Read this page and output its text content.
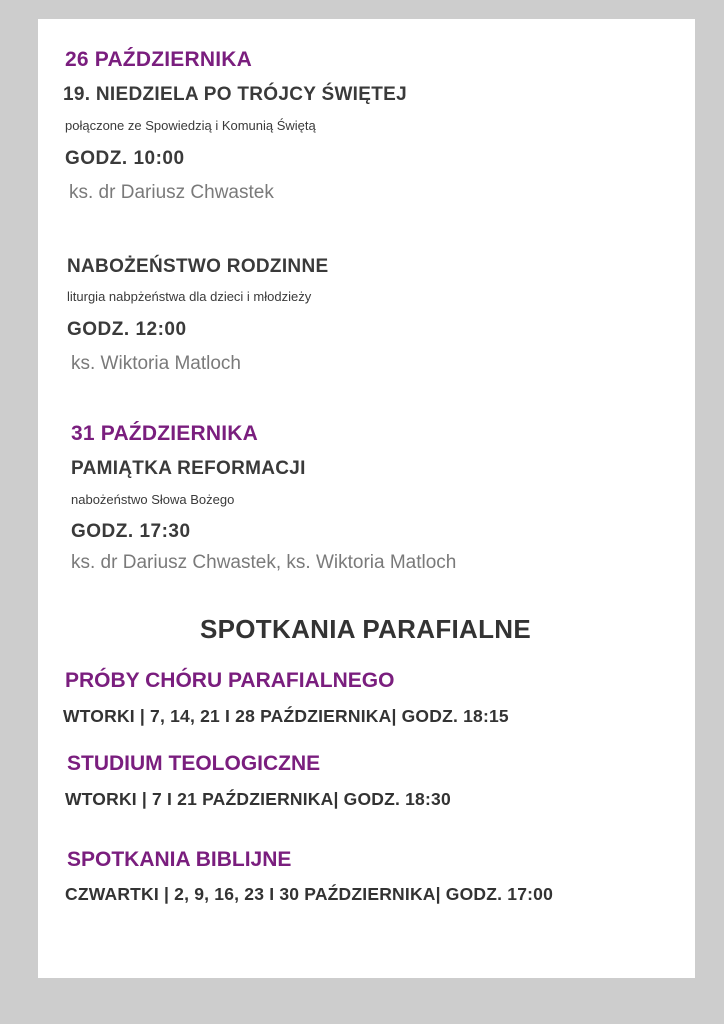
26 PAŹDZIERNIKA
19. NIEDZIELA PO TRÓJCY ŚWIĘTEJ
połączone ze Spowiedzią i Komunią Świętą
GODZ. 10:00
ks. dr Dariusz Chwastek
NABOŻEŃSTWO RODZINNE
liturgia nabpżeństwa dla dzieci i młodzieży
GODZ. 12:00
ks. Wiktoria Matloch
31 PAŹDZIERNIKA
PAMIĄTKA REFORMACJI
nabożeństwo Słowa Bożego
GODZ. 17:30
ks. dr Dariusz Chwastek, ks. Wiktoria Matloch
SPOTKANIA PARAFIALNE
PRÓBY CHÓRU PARAFIALNEGO
WTORKI | 7, 14, 21 I 28 PAŹDZIERNIKA| GODZ. 18:15
STUDIUM TEOLOGICZNE
WTORKI | 7 I 21 PAŹDZIERNIKA| GODZ. 18:30
SPOTKANIA BIBLIJNE
CZWARTKI | 2, 9, 16, 23 I 30 PAŹDZIERNIKA| GODZ. 17:00
